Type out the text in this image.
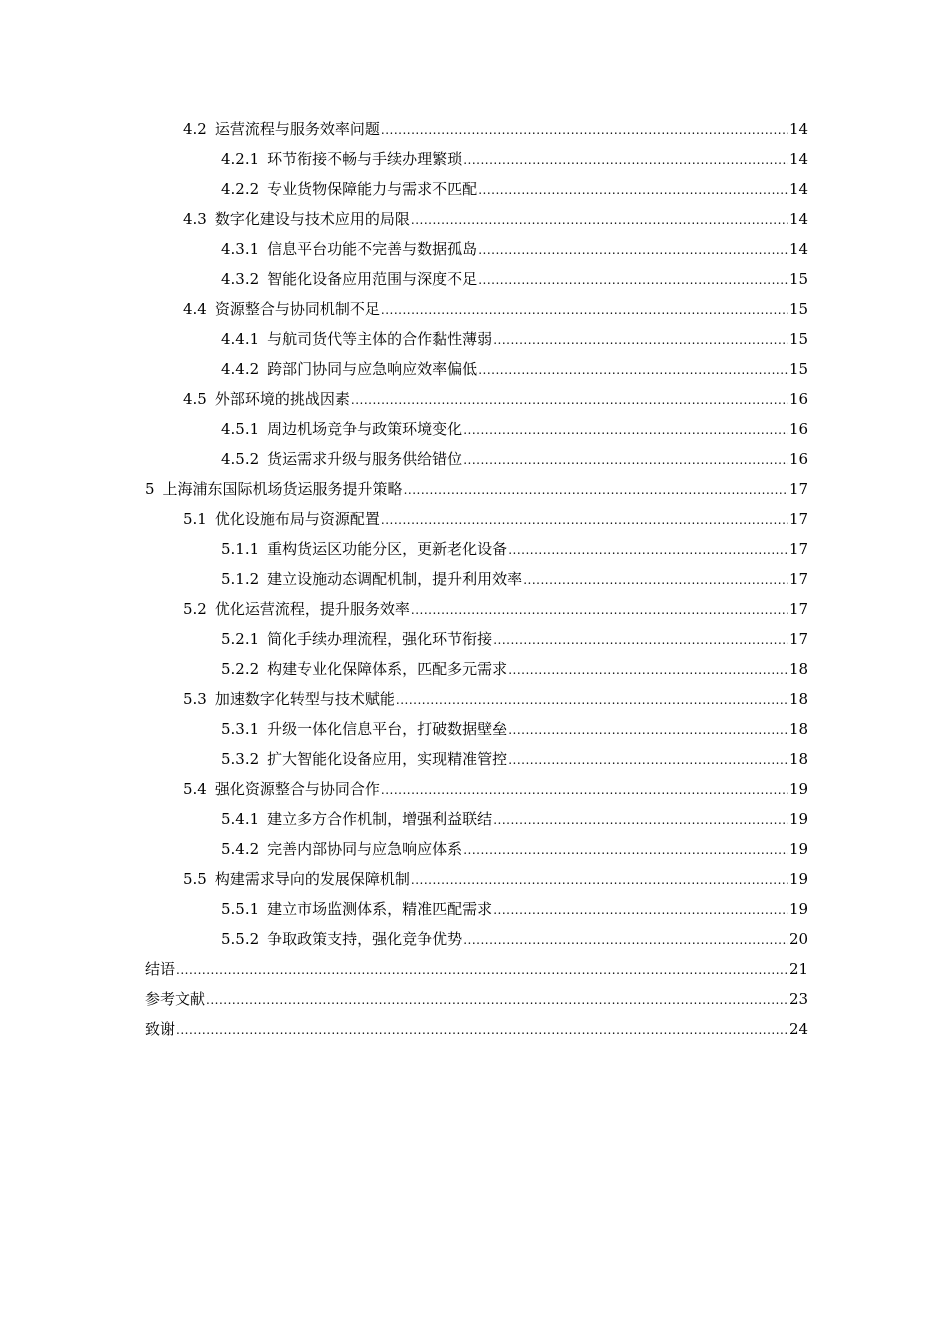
4.2 运营流程与服务效率问题 .....	14
4.2.1 环节衔接不畅与手续办理繁琐 .....	14
4.2.2 专业货物保障能力与需求不匹配 .....	14
4.3 数字化建设与技术应用的局限 .....	14
4.3.1 信息平台功能不完善与数据孤岛 .....	14
4.3.2 智能化设备应用范围与深度不足 .....	15
4.4 资源整合与协同机制不足 .....	15
4.4.1 与航司货代等主体的合作黏性薄弱 .....	15
4.4.2 跨部门协同与应急响应效率偏低 .....	15
4.5 外部环境的挑战因素 .....	16
4.5.1 周边机场竞争与政策环境变化 .....	16
4.5.2 货运需求升级与服务供给错位 .....	16
5 上海浦东国际机场货运服务提升策略 .....	17
5.1 优化设施布局与资源配置 .....	17
5.1.1 重构货运区功能分区，更新老化设备 .....	17
5.1.2 建立设施动态调配机制，提升利用效率 .....	17
5.2 优化运营流程，提升服务效率 .....	17
5.2.1 简化手续办理流程，强化环节衔接 .....	17
5.2.2 构建专业化保障体系，匹配多元需求 .....	18
5.3 加速数字化转型与技术赋能 .....	18
5.3.1 升级一体化信息平台，打破数据壁垒 .....	18
5.3.2 扩大智能化设备应用，实现精准管控 .....	18
5.4 强化资源整合与协同合作 .....	19
5.4.1 建立多方合作机制，增强利益联结 .....	19
5.4.2 完善内部协同与应急响应体系 .....	19
5.5 构建需求导向的发展保障机制 .....	19
5.5.1 建立市场监测体系，精准匹配需求 .....	19
5.5.2 争取政策支持，强化竞争优势 .....	20
结语 .....	21
参考文献 .....	23
致谢 .....	24
